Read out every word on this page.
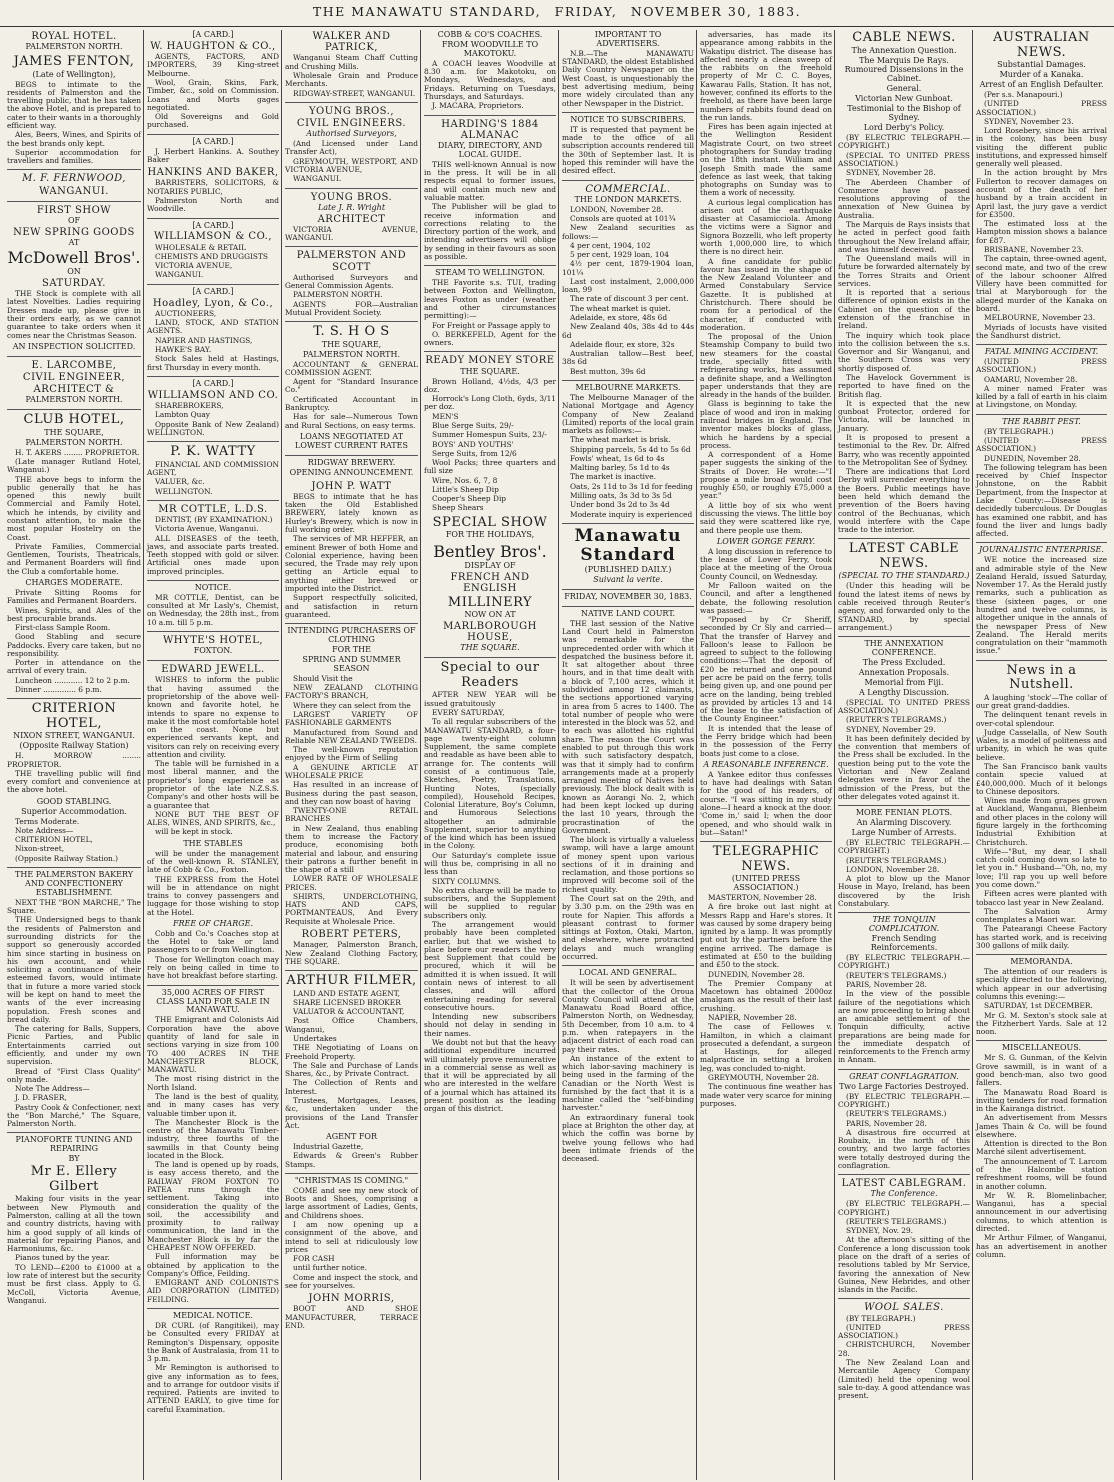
THE MANAWATU STANDARD, FRIDAY, NOVEMBER 30, 1883.
ROYAL HOTEL.
PALMERSTON NORTH.
JAMES FENTON,
(Late of Wellington),
BEGS to intimate to the residents of Palmerston and the travelling public, that he has taken the above Hotel, and is prepared to cater to their wants in a thoroughly efficient way.
Ales, Beers, Wines, and Spirits of the best brands only kept.
Superior accommodation for travellers and families.
M. F. FERNWOOD,
WANGANUI.
FIRST SHOW
OF
NEW SPRING GOODS
AT
McDowell Bros'.
ON
SATURDAY.
THE Stock is complete with all latest Novelties. Ladies requiring Dresses made up, please give in their orders early, as we cannot guarantee to take orders when it comes near the Christmas Season.
AN INSPECTION SOLICITED.
E. LARCOMBE,
CIVIL ENGINEER,
ARCHITECT &
PALMERSTON NORTH.
CLUB HOTEL,
THE SQUARE,
PALMERSTON NORTH.
H. T. AKERS ........ PROPRIETOR.
(Late manager Rutland Hotel, Wanganui.)
THE above begs to inform the public generally that he has opened this newly built Commercial and Family Hotel, which he intends, by civility and constant attention, to make the most popular Hostelry on the Coast.
Private Families, Commercial Gentlemen, Tourists, Theatricals, and Permanent Boarders will find the Club a comfortable home.
CHARGES MODERATE.
Private Sitting Rooms for Families and Permanent Boarders.
Wines, Spirits, and Ales of the best procurable brands.
First-class Sample Room.
Good Stabling and secure Paddocks. Every care taken, but no responsibility.
Porter in attendance on the arrival of every train.
Luncheon ............ 12 to 2 p.m.
Dinner .............. 6 p.m.
CRITERION HOTEL,
NIXON STREET, WANGANUI.
(Opposite Railway Station)
H. MORROW ........ PROPRIETOR.
THE travelling public will find every comfort and convenience at the above hotel.
GOOD STABLING.
Superior Accommodation.
Terms Moderate.
Note Address—
CRITERION HOTEL,
Nixon-street,
(Opposite Railway Station.)
THE PALMERSTON BAKERY AND CONFECTIONERY ESTABLISHMENT.
NEXT THE "BON MARCHE," The Square.
THE Undersigned begs to thank the residents of Palmerston and surrounding districts for the support so generously accorded him since starting in business on his own account, and while soliciting a continuance of their esteemed favors, would intimate that in future a more varied stock will be kept on hand to meet the wants of the ever increasing population. Fresh scones and bread daily.
The catering for Balls, Suppers, Picnic Parties, and Public Entertainments carried out efficiently, and under my own supervision.
Bread of "First Class Quality" only made.
Note The Address—
J. D. FRASER,
Pastry Cook & Confectioner, next the "Bon Marché," The Square, Palmerston North.
PIANOFORTE TUNING AND REPAIRING
BY
Mr E. Ellery Gilbert
Making four visits in the year between New Plymouth and Palmerston, calling at all the town and country districts, having with him a good supply of all kinds of material for repairing Pianos, and Harmoniums, &c.
Pianos tuned by the year.
TO LEND—£200 to £1000 at a low rate of interest but the security must be first class. Apply to G. McColl, Victoria Avenue, Wanganui.
[A CARD.]
W. HAUGHTON & CO.,
AGENTS, FACTORS, AND IMPORTERS, 39 King-street Melbourne.
Wool, Grain, Skins, Fark, Timber, &c., sold on Commission. Loans and Morts gages negotiated.
Old Sovereigns and Gold purchased.
[A CARD.]
J. Herbert Hankins. A. Southey Baker
HANKINS AND BAKER,
BARRISTERS, SOLICITORS, & NOTARIES PUBLIC,
Palmerston North and Woodville.
[A CARD.]
WILLIAMSON & CO.,
WHOLESALE & RETAIL
CHEMISTS AND DRUGGISTS
VICTORIA AVENUE,
WANGANUI.
[A CARD.]
Hoadley, Lyon, & Co.,
AUCTIONEERS,
LAND, STOCK, AND STATION AGENTS.
NAPIER AND HASTINGS,
HAWKE'S BAY.
Stock Sales held at Hastings, first Thursday in every month.
[A CARD.]
WILLIAMSON AND CO.
SHAREBROKERS,
Lambton Quay
Opposite Bank of New Zealand) WELLINGTON.
P. K. WATTY
FINANCIAL AND COMMISSION AGENT,
VALUER, &c.
WELLINGTON.
MR COTTLE, L.D.S.
DENTIST, (BY EXAMINATION.)
Victoria Avenue, Wanganui.
ALL DISEASES of the teeth, jaws, and associate parts treated. Teeth stopped with gold or silver. Artificial ones made upon improved principles.
NOTICE.
MR COTTLE, Dentist, can be consulted at Mr Lasly's, Chemist, on Wednesday, the 28th inst., from 10 a.m. till 5 p.m.
WHYTE'S HOTEL,
FOXTON.
EDWARD JEWELL.
WISHES to inform the public that having assumed the proprietorship of the above well-known and favorite hotel, he intends to spare no expense to make it the most comfortable hotel on the coast. None but experienced servants kept, and visitors can rely on receiving every attention and civility.
The table will be furnished in a most liberal manner, and the proprietor's long experience as proprietor of the late N.Z.S.S. Company's and other hosts will be a guarantee that
NONE BUT THE BEST OF ALES, WINES, AND SPIRITS, &c.,
will be kept in stock.
THE STABLES
will be under the management of the well-known R. STANLEY, late of Cobb & Co., Foxton.
THE EXPRESS from the Hotel will be in attendance on night trains to convey passengers and luggage for those wishing to stop at the Hotel.
FREE OF CHARGE.
Cobb and Co.'s Coaches stop at the Hotel to take or land passengers to or from Wellington.
Those for Wellington coach may rely on being called in time to have hot breakfast before starting.
35,000 ACRES OF FIRST CLASS LAND FOR SALE IN MANAWATU.
THE Emigrant and Colonists Aid Corporation have the above quantity of land for sale in sections varying in size from 100 TO 400 ACRES IN THE MANCHESTER BLOCK, MANAWATU.
The most rising district in the North Island.
The land is the best of quality, and in many cases has very valuable timber upon it.
The Manchester Block is the centre of the Manawatu Timber-industry, three fourths of the sawmills in that County being located in the Block.
The land is opened up by roads, is easy access thereto, and the RAILWAY FROM FOXTON TO PATEA runs through the settlement. Taking into consideration the quality of the soil, the accessibility and proximity to railway communication, the land in the Manchester Block is by far the CHEAPEST NOW OFFERED.
Full information may be obtained by application to the Company's Office, Feilding.
EMIGRANT AND COLONIST'S AID CORPORATION (LIMITED) FEILDING.
MEDICAL NOTICE.
DR CURL (of Rangitikei), may be Consulted every FRIDAY at Remington's Dispensary, opposite the Bank of Australasia, from 11 to 3 p.m.
Mr Remington is authorised to give any information as to fees, and to arrange for outdoor visits if required. Patients are invited to ATTEND EARLY, to give time for careful Examination.
WALKER AND PATRICK,
Wanganui Steam Chaff Cutting and Crushing Mills.
Wholesale Grain and Produce Merchants.
RIDGWAY-STREET, WANGANUI.
YOUNG BROS.,
CIVIL ENGINEERS.
Authorised Surveyors,
(And Licensed under Land Transfer Act),
GREYMOUTH, WESTPORT, AND VICTORIA AVENUE,
WANGANUI.
YOUNG BROS.
Late J. R. Wright
ARCHITECT
VICTORIA AVENUE, WANGANUI.
PALMERSTON AND SCOTT
Authorised Surveyors and General Commission Agents.
PALMERSTON NORTH.
AGENTS FOR—Australian Mutual Provident Society.
T. S. H O S
THE SQUARE,
PALMERSTON NORTH.
ACCOUNTANT & GENERAL COMMISSION AGENT.
Agent for "Standard Insurance Co."
Certificated Accountant in Bankruptcy.
Has for sale—Numerous Town and Rural Sections, on easy terms.
LOANS NEGOTIATED AT LOWEST CURRENT RATES
RIDGWAY BREWERY.
OPENING ANNOUNCEMENT.
JOHN P. WATT
BEGS to intimate that he has taken the Old Established BREWERY, lately known as Hurley's Brewery, which is now in full working order.
The services of MR HEFFER, an eminent Brewer of both Home and Colonial experience, having been secured, the Trade may rely upon getting an Article equal to anything either brewed or imported into the District.
Support respectfully solicited, and satisfaction in return guaranteed.
INTENDING PURCHASERS OF CLOTHING
FOR THE
SPRING AND SUMMER SEASON
Should Visit the
NEW ZEALAND CLOTHING FACTORY'S BRANCH,
Where they can select from the
LARGEST VARIETY OF FASHIONABLE GARMENTS
Manufactured from Sound and Reliable NEW ZEALAND TWEEDS.
The well-known reputation enjoyed by the Firm of Selling
A GENUINE ARTICLE AT WHOLESALE PRICE
Has resulted in an increase of Business during the past season, and they can now boast of having
TWENTY-ONE RETAIL BRANCHES
in New Zealand, thus enabling them to increase the Factory produce, economising both material and labour, and ensuring their patrons a further benefit in the shape of a still
LOWER RATE OF WHOLESALE PRICES.
SHIRTS, UNDERCLOTHING, HATS AND CAPS, PORTMANTEAUS, And Every Requisite at Wholesale Price.
ROBERT PETERS,
Manager, Palmerston Branch, New Zealand Clothing Factory, THE SQUARE.
ARTHUR FILMER,
LAND AND ESTATE AGENT,
SHARE LICENSED BROKER
VALUATOR & ACCOUNTANT,
Post Office Chambers, Wanganui,
Undertakes
THE Negotiating of Loans on Freehold Property.
The Sale and Purchase of Lands Shares, &c., by Private Contract.
The Collection of Rents and Interest.
Trustees, Mortgages, Leases, &c, undertaken under the provisions of the Land Transfer Act.
AGENT FOR
Industrial Gazette,
Edwards & Green's Rubber Stamps.
"CHRISTMAS IS COMING."
COME and see my new stock of Boots and Shoes, comprising a large assortment of Ladies, Gents, and Childrens shoes.
I am now opening up a consignment of the above, and intend to sell at ridiculously low prices
FOR CASH
until further notice.
Come and inspect the stock, and see for yourselves.
JOHN MORRIS,
BOOT AND SHOE MANUFACTURER, TERRACE END.
COBB & CO'S COACHES.
FROM WOODVILLE TO MAKOTOKU.
A COACH leaves Woodville at 8.30 a.m. for Makotoku, on Mondays, Wednesdays, and Fridays. Returning on Tuesdays, Thursdays, and Saturdays.
J. MACARA, Proprietors.
HARDING'S 1884 ALMANAC
DIARY, DIRECTORY, AND LOCAL GUIDE.
THIS well-known Annual is now in the press. It will be in all respects equal to former issues, and will contain much new and valuable matter.
The Publisher will be glad to receive information and corrections relating to the Directory portion of the work, and intending advertisers will oblige by sending in their favours as soon as possible.
STEAM TO WELLINGTON.
THE Favorite s.s. TUI, trading between Foxton and Wellington, leaves Foxton as under (weather and other circumstances permitting):—
For Freight or Passage apply to
O. BERKEFELD, Agent for the owners.
READY MONEY STORE
THE SQUARE.
Brown Holland, 4½ds, 4/3 per doz.
Horrock's Long Cloth, 6yds, 3/11 per doz.
MEN'S
Blue Serge Suits, 29/-
Summer Homespun Suits, 23/-
BOYS' AND YOUTHS'
Serge Suits, from 12/6
Wool Packs; three quarters and full size
Wire, Nos. 6, 7, 8
Little's Sheep Dip
Cooper's Sheep Dip
Sheep Shears
SPECIAL SHOW
FOR THE HOLIDAYS,
Bentley Bros'.
DISPLAY OF
FRENCH AND ENGLISH
MILLINERY
NOW ON AT
MARLBOROUGH HOUSE,
THE SQUARE.
Special to our Readers
AFTER NEW YEAR will be issued gratuitously
EVERY SATURDAY,
To all regular subscribers of the MANAWATU STANDARD, a four-page twenty-eight column Supplement, the same complete and readable as have been able to arrange for. The contents will consist of a continuous Tale, Sketches, Poetry, Translations, Hunting Notes, (specially compiled), Household Recipes, Colonial Literature, Boy's Column, and Humorous Selections altogether an admirable Supplement, superior to anything of the kind which has been issued in the Colony.
Our Saturday's complete issue will thus be, comprising in all no less than
SIXTY COLUMNS.
No extra charge will be made to subscribers, and the Supplement will be supplied to regular subscribers only.
The arrangement would probably have been completed earlier, but that we wished to place before our readers the very best Supplement that could be procured, which it will be admitted it is when issued. It will contain news of interest to all classes, and will afford entertaining reading for several consecutive hours.
Intending new subscribers should not delay in sending in their names.
We doubt not but that the heavy additional expenditure incurred will ultimately prove remunerative in a commercial sense as well as that it will be appreciated by all who are interested in the welfare of a journal which has attained its present position as the leading organ of this district.
IMPORTANT TO ADVERTISERS.
N.B.—The MANAWATU STANDARD, the oldest Established Daily Country Newspaper on the West Coast, is unquestionably the best advertising medium, being more widely circulated than any other Newspaper in the District.
NOTICE TO SUBSCRIBERS.
IT is requested that payment be made to the office of all subscription accounts rendered till the 30th of September last. It is hoped this reminder will have the desired effect.
COMMERCIAL.
THE LONDON MARKETS.
LONDON, November 28.
Consols are quoted at 101¾
New Zealand securities as follows:—
4 per cent, 1904, 102
5 per cent, 1929 loan, 104
4½ per cent, 1879-1904 loan, 101¼
Last cost instalment, 2,000,000 loan, 99
The rate of discount 3 per cent.
The wheat market is quiet.
Adelaide, ex store, 48s 6d
New Zealand 40s, 38s 4d to 44s 6d
Adelaide flour, ex store, 32s
Australian tallow—Best beef, 38s 6d
Best mutton, 39s 6d
MELBOURNE MARKETS.
The Melbourne Manager of the National Mortgage and Agency Company of New Zealand (Limited) reports of the local grain markets as follows:—
The wheat market is brisk.
Shipping parcels, 5s 4d to 5s 6d
Fowls' wheat, 1s 6d to 4s
Malting barley, 5s 1d to 4s
The market is inactive.
Oats, 2s 11d to 3s 1d for feeding
Milling oats, 3s 3d to 3s 5d
Under bond 3s 2d to 3s 4d
Moderate inquiry is experienced
Manawatu Standard
(PUBLISHED DAILY.)
Suivant la verite.
FRIDAY, NOVEMBER 30, 1883.
NATIVE LAND COURT.
THE last session of the Native Land Court held in Palmerston was remarkable for the unprecedented order with which it despatched the business before it. It sat altogether about three hours, and in that time dealt with a block of 7,100 acres, which it subdivided among 12 claimants, the sections apportioned varying in area from 5 acres to 1400. The total number of people who were interested in the block was 52, and to each was allotted his rightful share. The reason the Court was enabled to put through this work with such satisfactory despatch, was that it simply had to confirm arrangements made at a properly arranged meeting of Natives held previously. The block dealt with is known as Aorangi No. 2, which had been kept locked up during the last 10 years, through the procrastination of the Government.
The block is virtually a valueless swamp, will have a large amount of money spent upon various sections of it in draining and reclamation, and those portions so improved will become soil of the richest quality.
The Court sat on the 29th, and by 3.30 p.m. on the 29th was en route for Napier. This affords a pleasant contrast to former sittings at Foxton, Otaki, Marton, and elsewhere, where protracted delays and much wrangling occurred.
LOCAL AND GENERAL.
It will be seen by advertisement that the collector of the Oroua County Council will attend at the Manawatu Road Board office, Palmerston North, on Wednesday, 5th December, from 10 a.m. to 4 p.m. when ratepayers in the adjacent district of each road can pay their rates.
An instance of the extent to which labor-saving machinery is being used in the farming of the Canadian or the North West is furnished by the fact that it is a machine called the "self-binding harvester."
An extraordinary funeral took place at Brighton the other day, at which the coffin was borne by twelve young fellows who had been intimate friends of the deceased.
adversaries, has made its appearance among rabbits in the Wakatipu district. The disease has affected nearly a clean sweep of the rabbits on the freehold property of Mr C. C. Boyes, Kawarau Falls, Station. It has not, however, confined its efforts to the freehold, as there have been large numbers of rabbits found dead on the run lands.
Fires has been again injected at the Wellington Resident Magistrate Court, on two street photographers for Sunday trading on the 18th instant. William and Joseph Smith made the same defence as last week, that taking photographs on Sunday was to them a work of necessity.
A curious legal complication has arisen out of the earthquake disaster at Casamicciola. Among the victims were a Signor and Signora Bozzelli, who left property worth 1,000,000 lire, to which there is no direct heir.
A fine candidate for public favour has issued in the shape of the New Zealand Volunteer and Armed Constabulary Service Gazette. It is published at Christchurch. There should be room for a periodical of the character, if conducted with moderation.
The proposal of the Union Steamship Company to build two new steamers for the coastal trade, specially fitted with refrigerating works, has assumed a definite shape, and a Wellington paper understands that they are already in the hands of the builder.
Glass is beginning to take the place of wood and iron in making railroad bridges in England. The inventor makes blocks of glass, which he hardens by a special process.
A correspondent of a Home paper suggests the sinking of the Straits of Dover. He wrote:—"I propose a mile broad would cost roughly £50, or roughly £75,000 a year."
A little boy of six who went discussing the views. The little boy said they were scattered like rye, and there people use them.
LOWER GORGE FERRY.
A long discussion in reference to the lease of Lower Ferry, took place at the meeting of the Oroua County Council, on Wednesday.
Mr Falloon waited on the Council, and after a lengthened debate, the following resolution was passed:—
"Proposed by Cr Sheriff, seconded by Cr Sly and carried—That the transfer of Harvey and Falloon's lease to Falloon be agreed to subject to the following conditions:—That the deposit of £20 be returned and one pound per acre be paid on the ferry, tolls being given up, and one pound per acre on the landing, being trebled as provided by articles 13 and 14 of the lease to the satisfaction of the County Engineer."
It is intended that the lease of the Ferry bridge which had been in the possession of the Ferry boats just come to a close.
A REASONABLE INFERENCE.
A Yankee editor thus confesses to have had dealings with Satan for the good of his readers, of course. "I was sitting in my study alone—I heard a knock at the door. 'Come in,' said I; when the door opened, and who should walk in but—Satan!"
TELEGRAPHIC NEWS.
(UNITED PRESS ASSOCIATION.)
MASTERTON, November 28.
A fire broke out last night at Messrs Rapp and Hare's stores. It was caused by some drapery being ignited by a lamp. It was promptly put out by the partners before the engine arrived. The damage is estimated at £50 to the building and £50 to the stock.
DUNEDIN, November 28.
The Premier Company at Macetown has obtained 2000oz amalgam as the result of their last crushing.
NAPIER, November 28.
The case of Fellowes v. Hamilton, in which a claimant prosecuted a defendant, a surgeon at Hastings, for alleged malpractice in setting a broken leg, was concluded to-night.
GREYMOUTH, November 28.
The continuous fine weather has made water very scarce for mining purposes.
CABLE NEWS.
The Annexation Question.
The Marquis De Rays.
Rumoured Dissensions in the Cabinet.
General.
Victorian New Gunboat.
Testimonial to the Bishop of Sydney.
Lord Derby's Policy.
(BY ELECTRIC TELEGRAPH.—COPYRIGHT.)
(SPECIAL TO UNITED PRESS ASSOCIATION.)
SYDNEY, November 28.
The Aberdeen Chamber of Commerce have passed resolutions approving of the annexation of New Guinea by Australia.
The Marquis de Rays insists that he acted in perfect good faith throughout the New Ireland affair, and was himself deceived.
The Queensland mails will in future be forwarded alternately by the Torres Straits and Orient services.
It is reported that a serious difference of opinion exists in the Cabinet on the question of the extension of the franchise in Ireland.
The inquiry which took place into the collision between the s.s. Governor and Sir Wanganui, and the Southern Cross was very shortly disposed of.
The Havelock Government is reported to have fined on the British flag.
It is expected that the new gunboat Protector, ordered for Victoria, will be launched in January.
It is proposed to present a testimonial to the Rev. Dr. Alfred Barry, who was recently appointed to the Metropolitan See of Sydney.
There are indications that Lord Derby will surrender everything to the Boers. Public meetings have been held which demand the prevention of the Boers having control of the Bechuanas, which would interfere with the Cape trade to the interior.
LATEST CABLE NEWS.
(SPECIAL TO THE STANDARD.)
(Under this heading will be found the latest items of news by cable received through Reuter's agency, and forwarded only to the STANDARD, by special arrangement.)
THE ANNEXATION CONFERENCE.
The Press Excluded.
Annexation Proposals.
Memorial from Fiji.
A Lengthy Discussion.
(SPECIAL TO UNITED PRESS ASSOCIATION.)
(REUTER'S TELEGRAMS.)
SYDNEY, November 29.
It has been definitely decided by the convention that members of the Press shall be excluded. In the question being put to the vote the Victorian and New Zealand delegates were in favor of the admission of the Press, but the other delegates voted against it.
MORE FENIAN PLOTS.
An Alarming Discovery.
Large Number of Arrests.
(BY ELECTRIC TELEGRAPH.—COPYRIGHT.)
(REUTER'S TELEGRAMS.)
LONDON, November 28.
A plot to blow up the Manor House in Mayo, Ireland, has been discovered by the Irish Constabulary.
THE TONQUIN COMPLICATION.
French Sending Reinforcements.
(BY ELECTRIC TELEGRAPH.—COPYRIGHT.)
(REUTER'S TELEGRAMS.)
PARIS, November 28.
In the view of the possible failure of the negotiations which are now proceeding to bring about an amicable settlement of the Tonquin difficulty, active preparations are being made for the immediate despatch of reinforcements to the French army in Annam.
GREAT CONFLAGRATION.
Two Large Factories Destroyed.
(BY ELECTRIC TELEGRAPH.—COPYRIGHT.)
(REUTER'S TELEGRAMS.)
PARIS, November 28.
A disastrous fire occurred at Roubaix, in the north of this country, and two large factories were totally destroyed during the conflagration.
LATEST CABLEGRAM.
The Conference.
(BY ELECTRIC TELEGRAPH.—COPYRIGHT.)
(REUTER'S TELEGRAMS.)
SYDNEY, Nov. 29.
At the afternoon's sitting of the Conference a long discussion took place on the draft of a series of resolutions tabled by Mr Service, favoring the annexation of New Guinea, New Hebrides, and other islands in the Pacific.
WOOL SALES.
(BY TELEGRAPH.)
(UNITED PRESS ASSOCIATION.)
CHRISTCHURCH, November 28.
The New Zealand Loan and Mercantile Agency Company (Limited) held the opening wool sale to-day. A good attendance was present.
AUSTRALIAN NEWS.
Substantial Damages.
Murder of a Kanaka.
Arrest of an English Defaulter.
(Per s.s. Manapouri.)
(UNITED PRESS ASSOCIATION.)
SYDNEY, November 23.
Lord Rosebery, since his arrival in the colony, has been busy visiting the different public institutions, and expressed himself generally well pleased.
In the action brought by Mrs Fullerton to recover damages on account of the death of her husband by a train accident in April last, the jury gave a verdict for £3500.
The estimated loss at the Hampton mission shows a balance for £87.
BRISBANE, November 23.
The captain, three-owned agent, second mate, and two of the crew of the labour schooner Alfred Villery have been committed for trial at Maryborough for the alleged murder of the Kanaka on board.
MELBOURNE, November 23.
Myriads of locusts have visited the Sandhurst district.
FATAL MINING ACCIDENT.
(UNITED PRESS ASSOCIATION.)
OAMARU, November 28.
A miner named Frater was killed by a fall of earth in his claim at Livingstone, on Monday.
THE RABBIT PEST.
(BY TELEGRAPH.)
(UNITED PRESS ASSOCIATION.)
DUNEDIN, November 28.
The following telegram has been received by Chief Inspector Johnstone, on the Rabbit Department, from the Inspector at Lake County:—Disease is decidedly tuberculous. Dr Douglas has examined one rabbit, and has found the liver and lungs badly affected.
JOURNALISTIC ENTERPRISE.
WE notice the increased size and admirable style of the New Zealand Herald, issued Saturday, November 17. As the Herald justly remarks, such a publication as these (sixteen pages, or one hundred and twelve columns, is altogether unique in the annals of the newspaper Press of New Zealand. The Herald merits congratulation on their "mammoth issue."
News in a Nutshell.
A laughing 'stock'—The collar of our great grand-daddies.
The delinquent tenant revels in over-cotal splendour.
Judge Casselalla, of New South Wales, is a model of politeness and urbanity, in which he was quite believe.
The San Francisco bank vaults contain specie valued at £40,000,000. Much of it belongs to Chinese depositors.
Wines made from grapes grown at Auckland, Wanganui, Blenheim and other places in the colony will figure largely in the forthcoming Industrial Exhibition at Christchurch.
Wife—"But, my dear, I shall catch cold coming down so late to let you in." Husband—"Oh, no, my love; I'll rap you up well before you come down."
Fifteen acres were planted with tobacco last year in New Zealand.
The Salvation Army contemplates a Maori war.
The Patearangi Cheese Factory has started work, and is receiving 300 gallons of milk daily.
MEMORANDA.
The attention of our readers is specially directed to the following, which appear in our advertising columns this evening:—
SATURDAY, 1st DECEMBER.
Mr G. M. Sexton's stock sale at the Fitzherbert Yards. Sale at 12 noon.
MISCELLANEOUS.
Mr S. G. Gunman, of the Kelvin Grove sawmill, is in want of a good bench-man, also two good fallers.
The Manawatu Road Board is inviting tenders for road formation in the Kairanga district.
An advertisement from Messrs James Thain & Co. will be found elsewhere.
Attention is directed to the Bon Marché silent advertisement.
The announcement of T. Larcom of the Halcombe station refreshment rooms, will be found in another column.
Mr W. R. Blomelinbacher, Wanganui, has a special announcement in our advertising columns, to which attention is directed.
Mr Arthur Filmer, of Wanganui, has an advertisement in another column.
